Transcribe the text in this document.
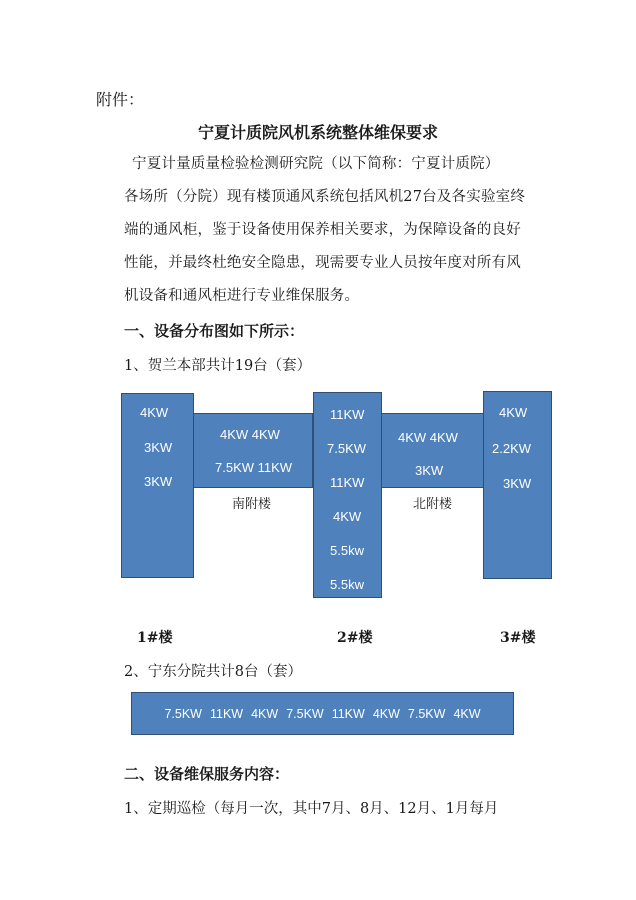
附件：
宁夏计质院风机系统整体维保要求
宁夏计量质量检验检测研究院（以下简称：宁夏计质院）
各场所（分院）现有楼顶通风系统包括风机27台及各实验室终
端的通风柜，鉴于设备使用保养相关要求，为保障设备的良好
性能，并最终杜绝安全隐患，现需要专业人员按年度对所有风
机设备和通风柜进行专业维保服务。
一、设备分布图如下所示：
1、贺兰本部共计19台（套）
4KW
3KW
3KW
4KW 4KW
7.5KW 11KW
南附楼
11KW
7.5KW
11KW
4KW
5.5kw
5.5kw
4KW 4KW
3KW
北附楼
4KW
2.2KW
3KW
1#楼	2#楼	3#楼
2、宁东分院共计8台（套）
7.5KW 11KW 4KW 7.5KW 11KW 4KW 7.5KW 4KW
二、设备维保服务内容：
1、定期巡检（每月一次，其中7月、8月、12月、1月每月
